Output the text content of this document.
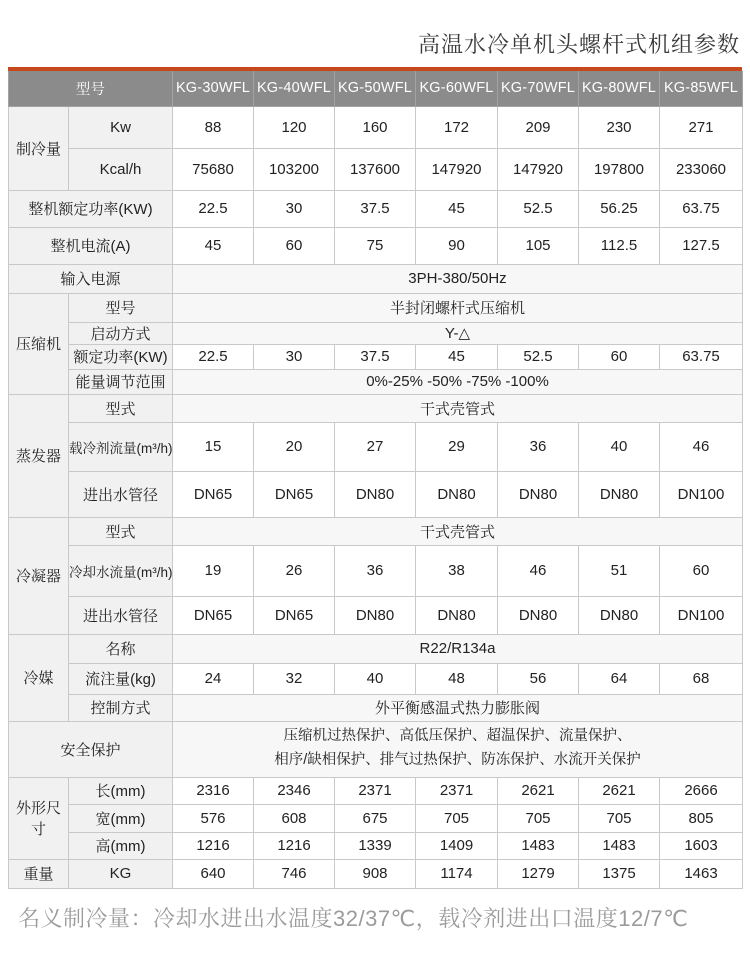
高温水冷单机头螺杆式机组参数
型号		KG-30WFL	KG-40WFL	KG-50WFL	KG-60WFL	KG-70WFL	KG-80WFL	KG-85WFL
制冷量	Kw	88	120	160	172	209	230	271
	Kcal/h	75680	103200	137600	147920	147920	197800	233060
整机额定功率(KW)		22.5	30	37.5	45	52.5	56.25	63.75
整机电流(A)		45	60	75	90	105	112.5	127.5
输入电源		3PH-380/50Hz						
压缩机	型号	半封闭螺杆式压缩机						
	启动方式	Y-△						
	额定功率(KW)	22.5	30	37.5	45	52.5	60	63.75
	能量调节范围	0%-25% -50% -75% -100%						
蒸发器	型式	干式壳管式						
	载冷剂流量(m³/h)	15	20	27	29	36	40	46
	进出水管径	DN65	DN65	DN80	DN80	DN80	DN80	DN100
冷凝器	型式	干式壳管式						
	冷却水流量(m³/h)	19	26	36	38	46	51	60
	进出水管径	DN65	DN65	DN80	DN80	DN80	DN80	DN100
冷媒	名称	R22/R134a						
	流注量(kg)	24	32	40	48	56	64	68
	控制方式	外平衡感温式热力膨胀阀						
安全保护		压缩机过热保护、高低压保护、超温保护、流量保护、
相序/缺相保护、排气过热保护、防冻保护、水流开关保护						

外形尺寸	长(mm)	2316	2346	2371	2371	2621	2621	2666
	宽(mm)	576	608	675	705	705	705	805
	高(mm)	1216	1216	1339	1409	1483	1483	1603
重量	KG	640	746	908	1174	1279	1375	1463
名义制冷量：冷却水进出水温度32/37℃，载冷剂进出口温度12/7℃
